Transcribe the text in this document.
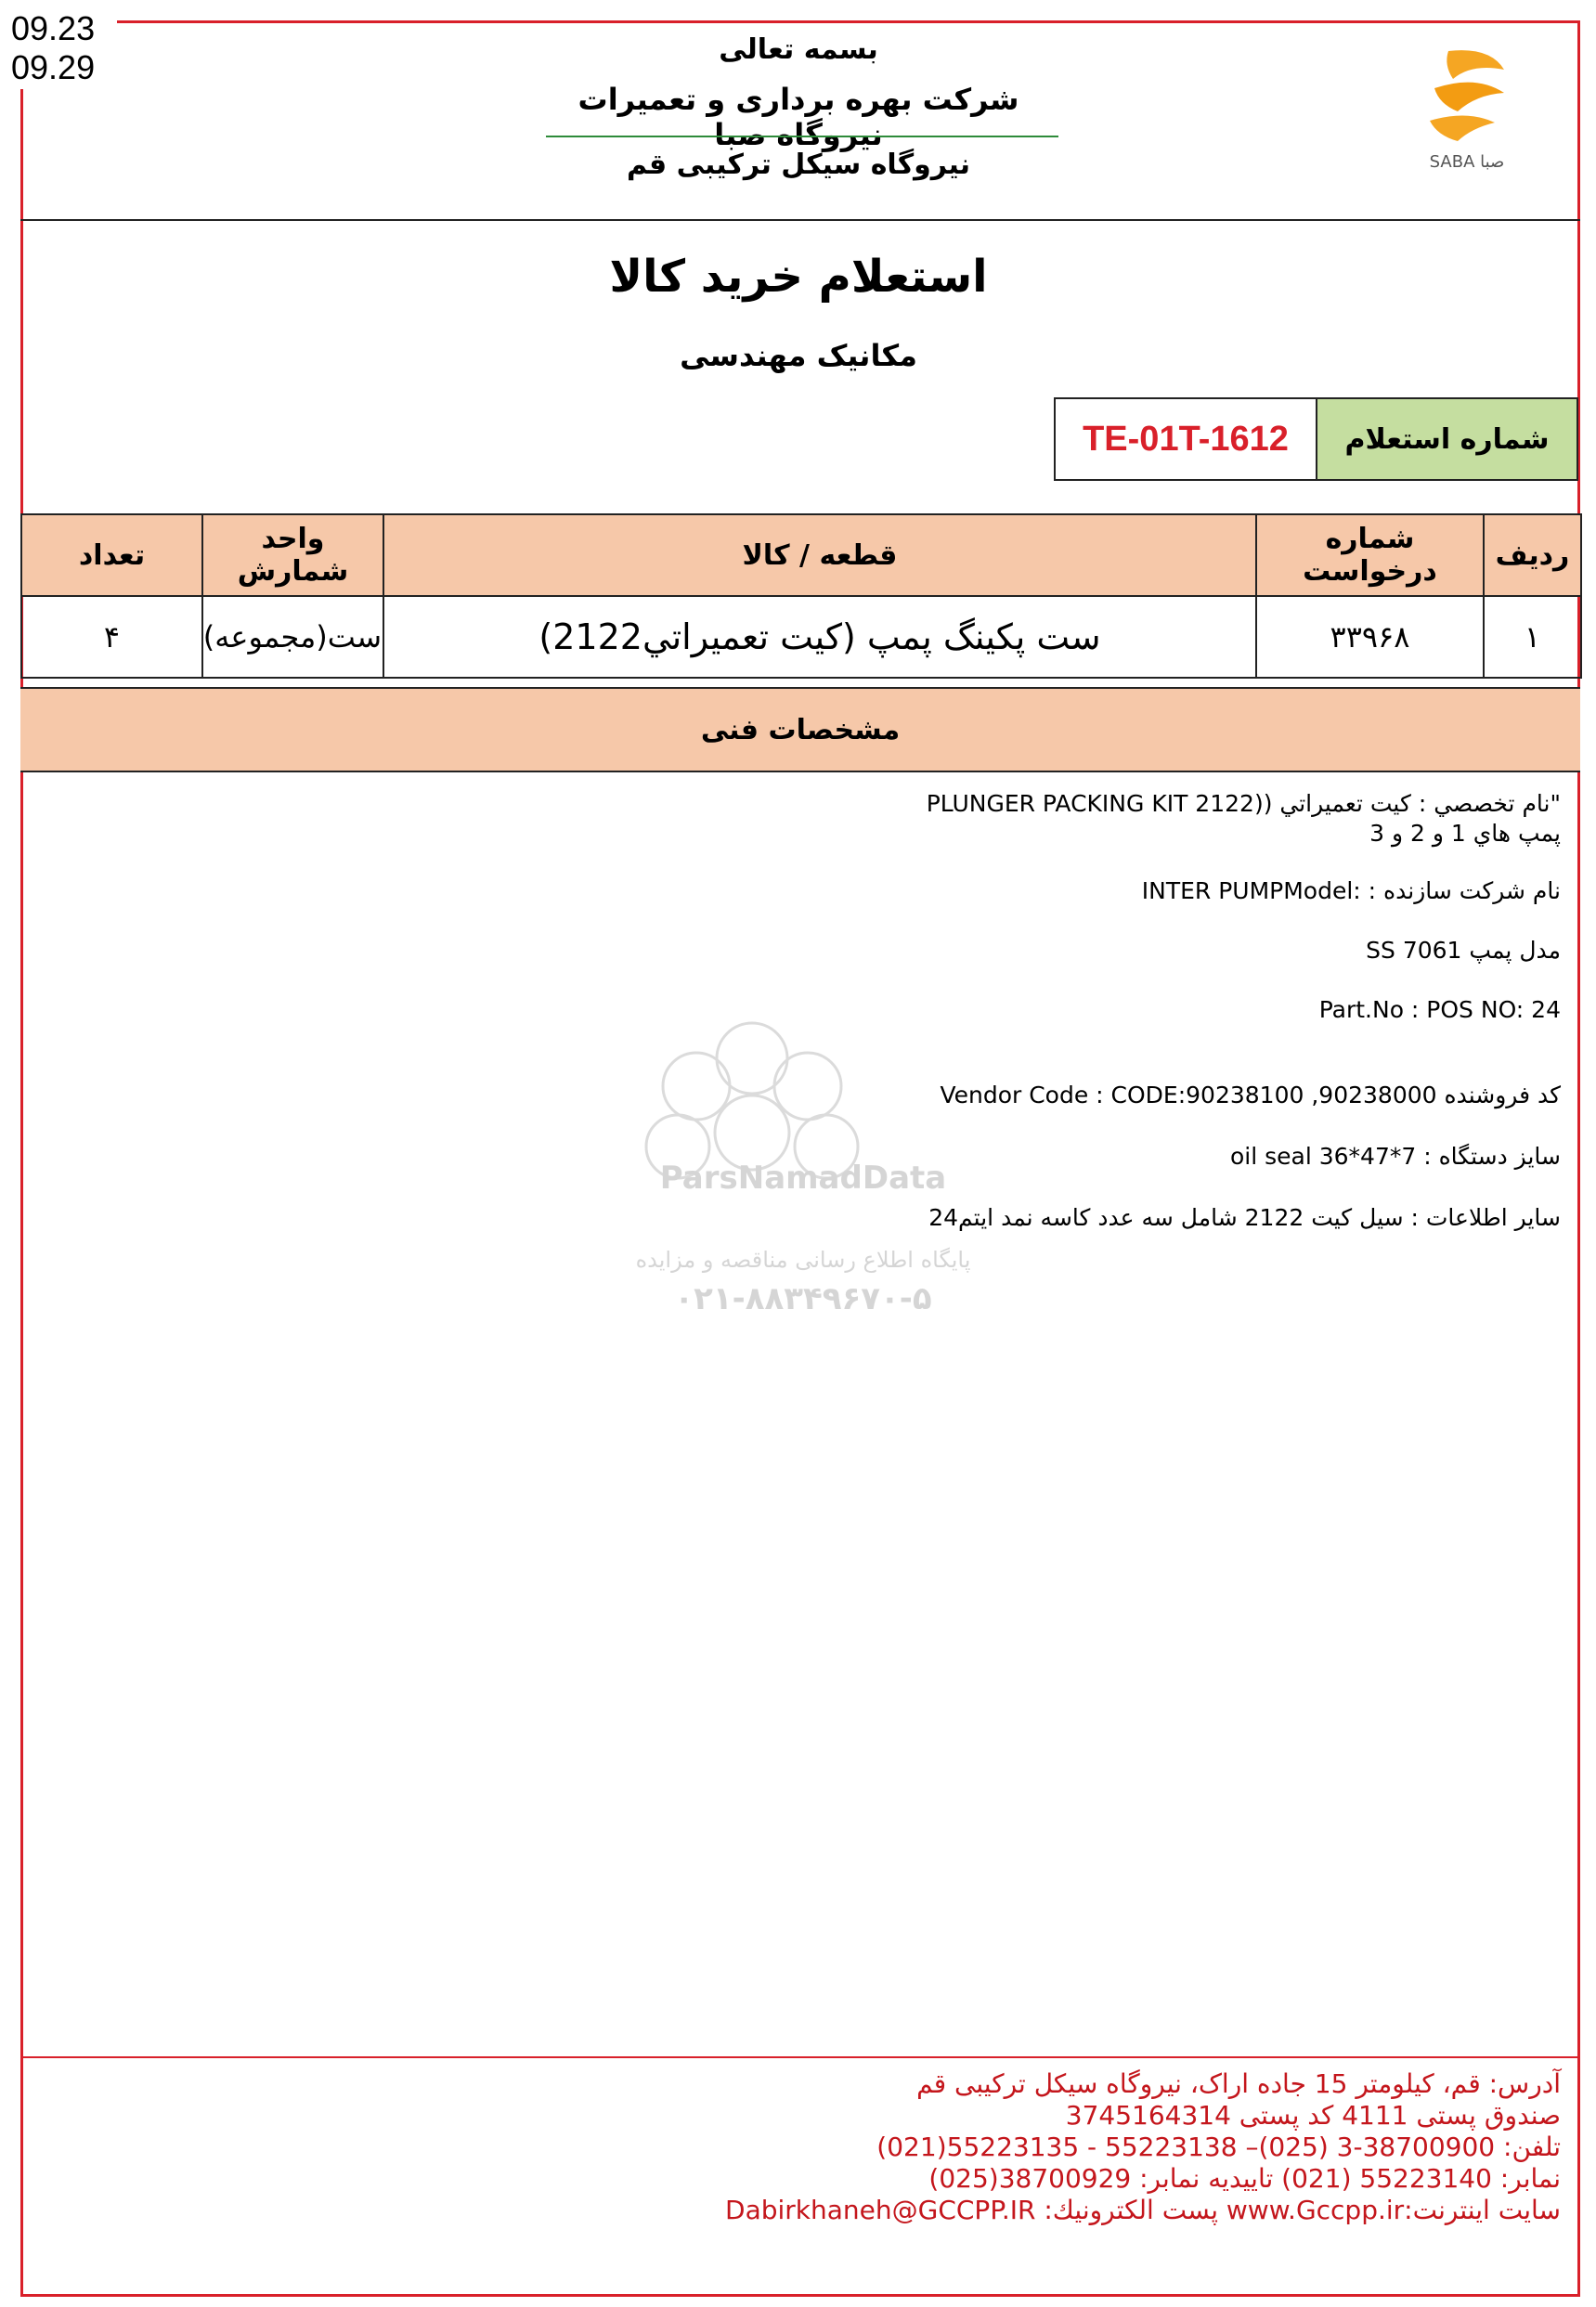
09.23
09.29	بسمه تعالی
شرکت بهره برداری و تعمیرات نیروگاه صبا
نیروگاه سیکل ترکیبی قم	SABA صبا
استعلام خرید کالا
مکانیک مهندسی
TE-01T-1612	شماره استعلام
ردیف	شماره درخواست	قطعه / کالا	واحد شمارش	تعداد
۱	۳۳۹۶۸	ست پکينگ پمپ (کيت تعميراتي2122)	ست(مجموعه)	۴
مشخصات فنی

"نام تخصصي : کيت تعميراتي ((PLUNGER PACKING KIT 2122

پمپ هاي 1 و 2 و 3

نام شرکت سازنده : :INTER PUMPModel

مدل پمپ SS 7061

Part.No : POS NO: 24

کد فروشنده Vendor Code : CODE:90238100 ,90238000

سايز دستگاه : oil seal 36*47*7

ساير اطلاعات : سيل کيت 2122 شامل سه عدد کاسه نمد ايتم24

ParsNamadData
پایگاه اطلاع رسانی مناقصه و مزایده
۰۲۱-۸۸۳۴۹۶۷۰-۵

آدرس: قم، کیلومتر 15 جاده اراک، نیروگاه سیکل ترکیبی قم

صندوق پستی 4111 کد پستی 3745164314

تلفن: 38700900-3 (025)– 55223138 - 55223135(021)

نمابر: 55223140 (021) تاییدیه نمابر: 38700929(025)

سایت اینترنت:www.Gccpp.ir پست الکترونیك: Dabirkhaneh@GCCPP.IR
